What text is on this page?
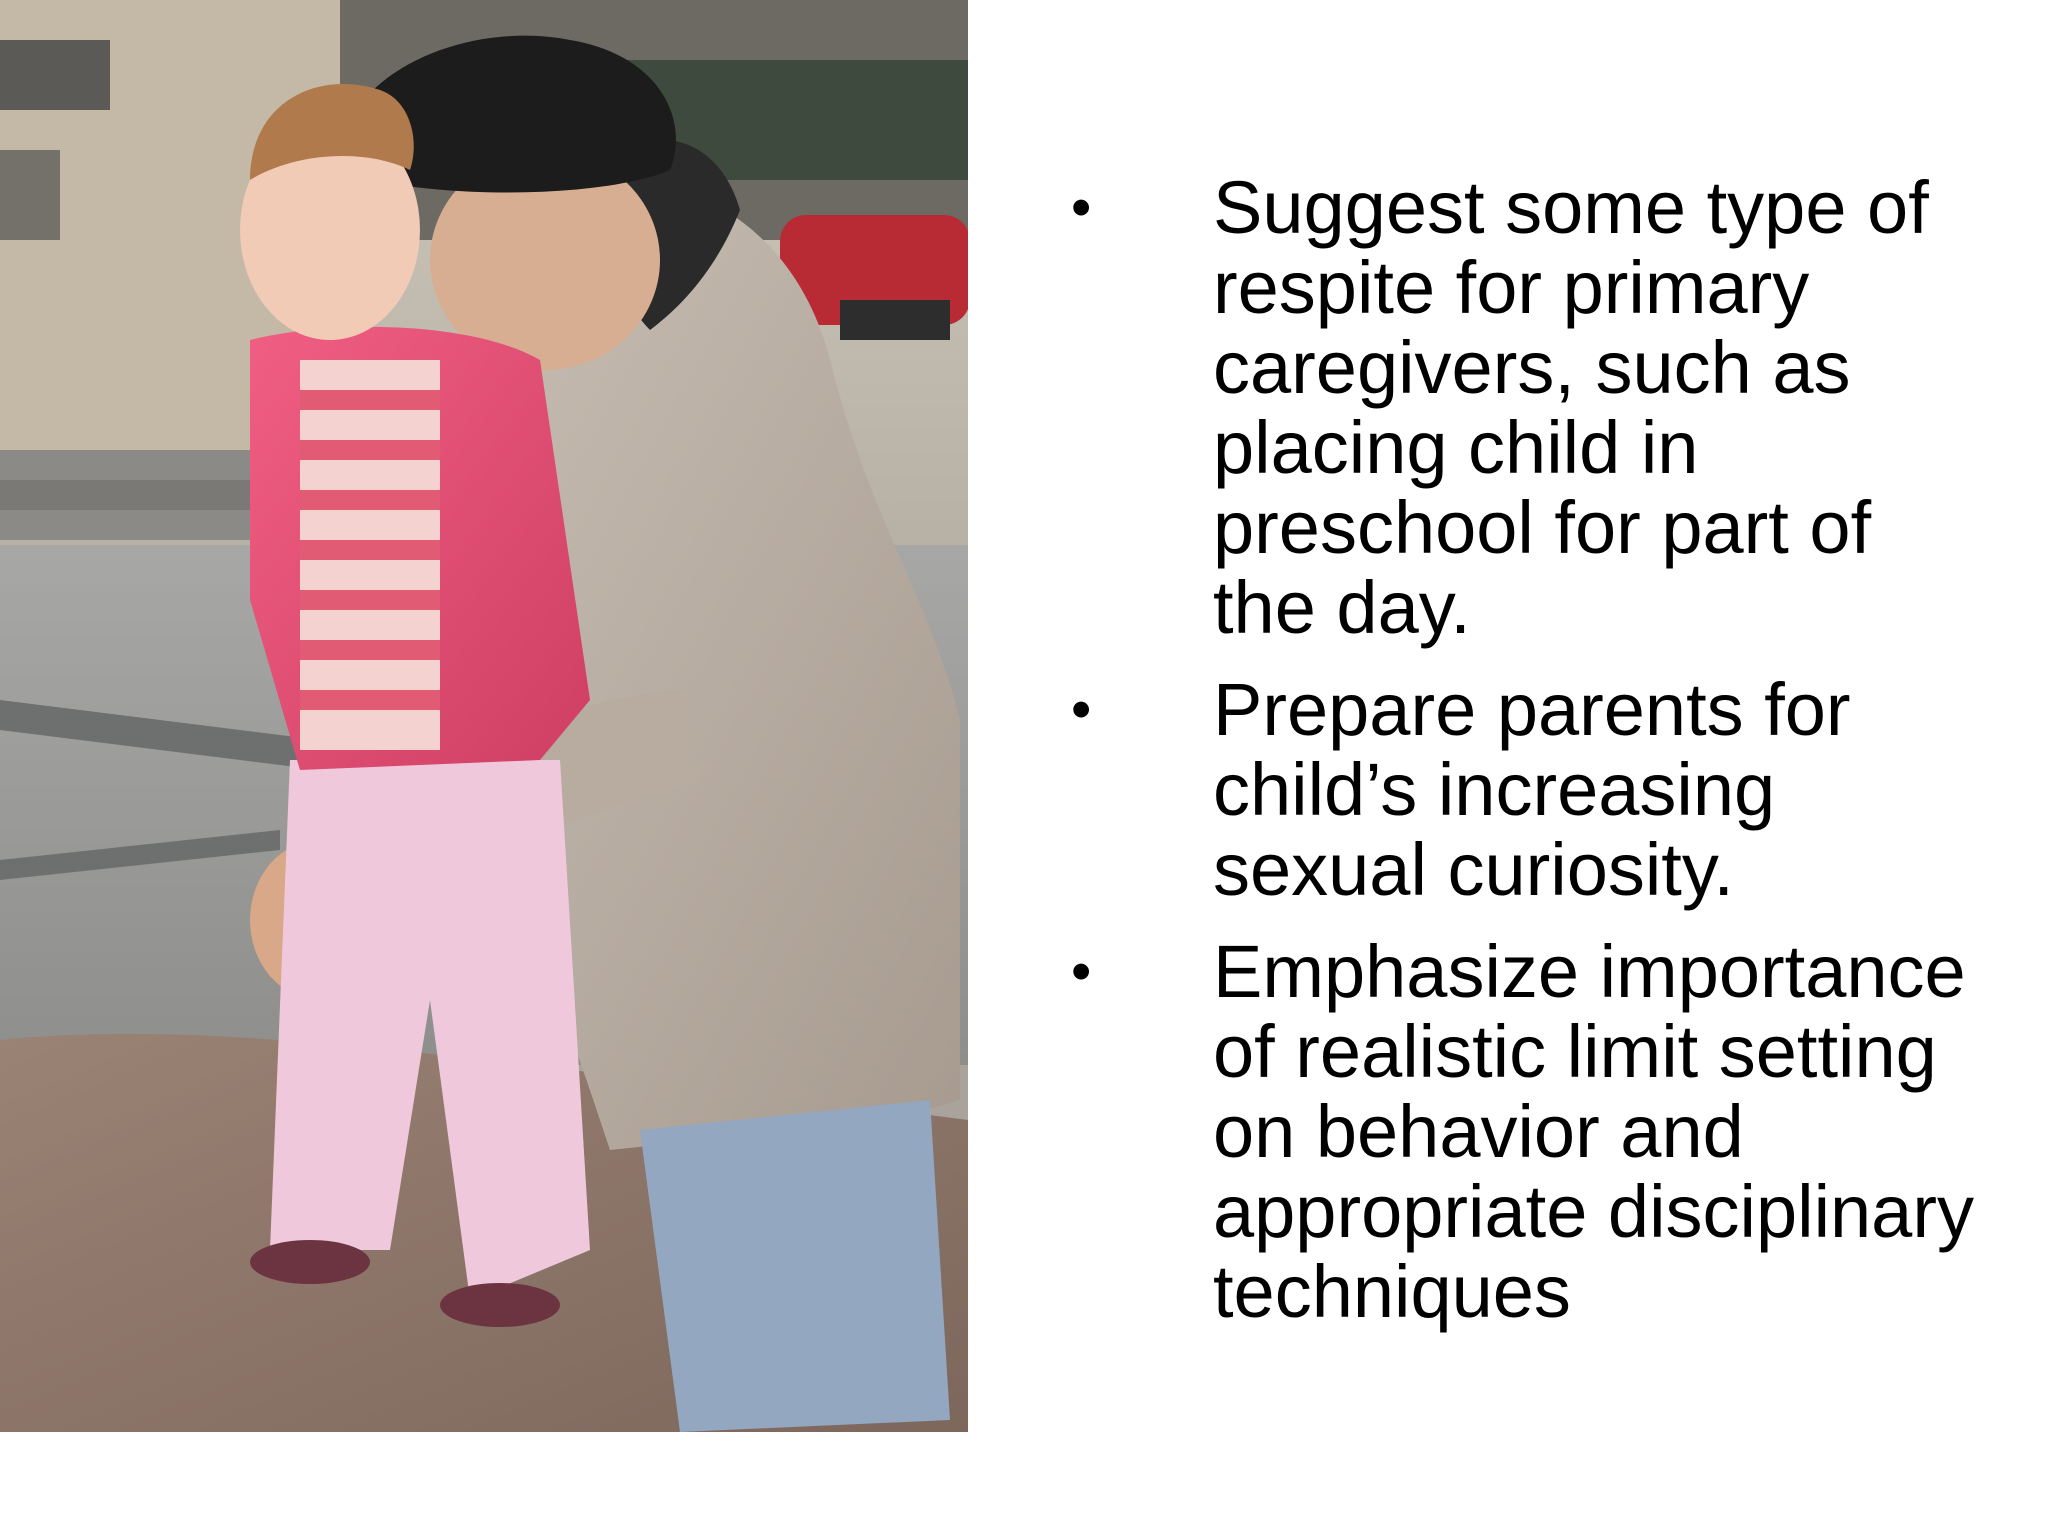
•	Suggest some type of
respite for primary
caregivers, such as
placing child in
preschool for part of
the day.
•	Prepare parents for
child’s increasing
sexual curiosity.
•	Emphasize importance
of realistic limit setting
on behavior and
appropriate disciplinary
techniques
